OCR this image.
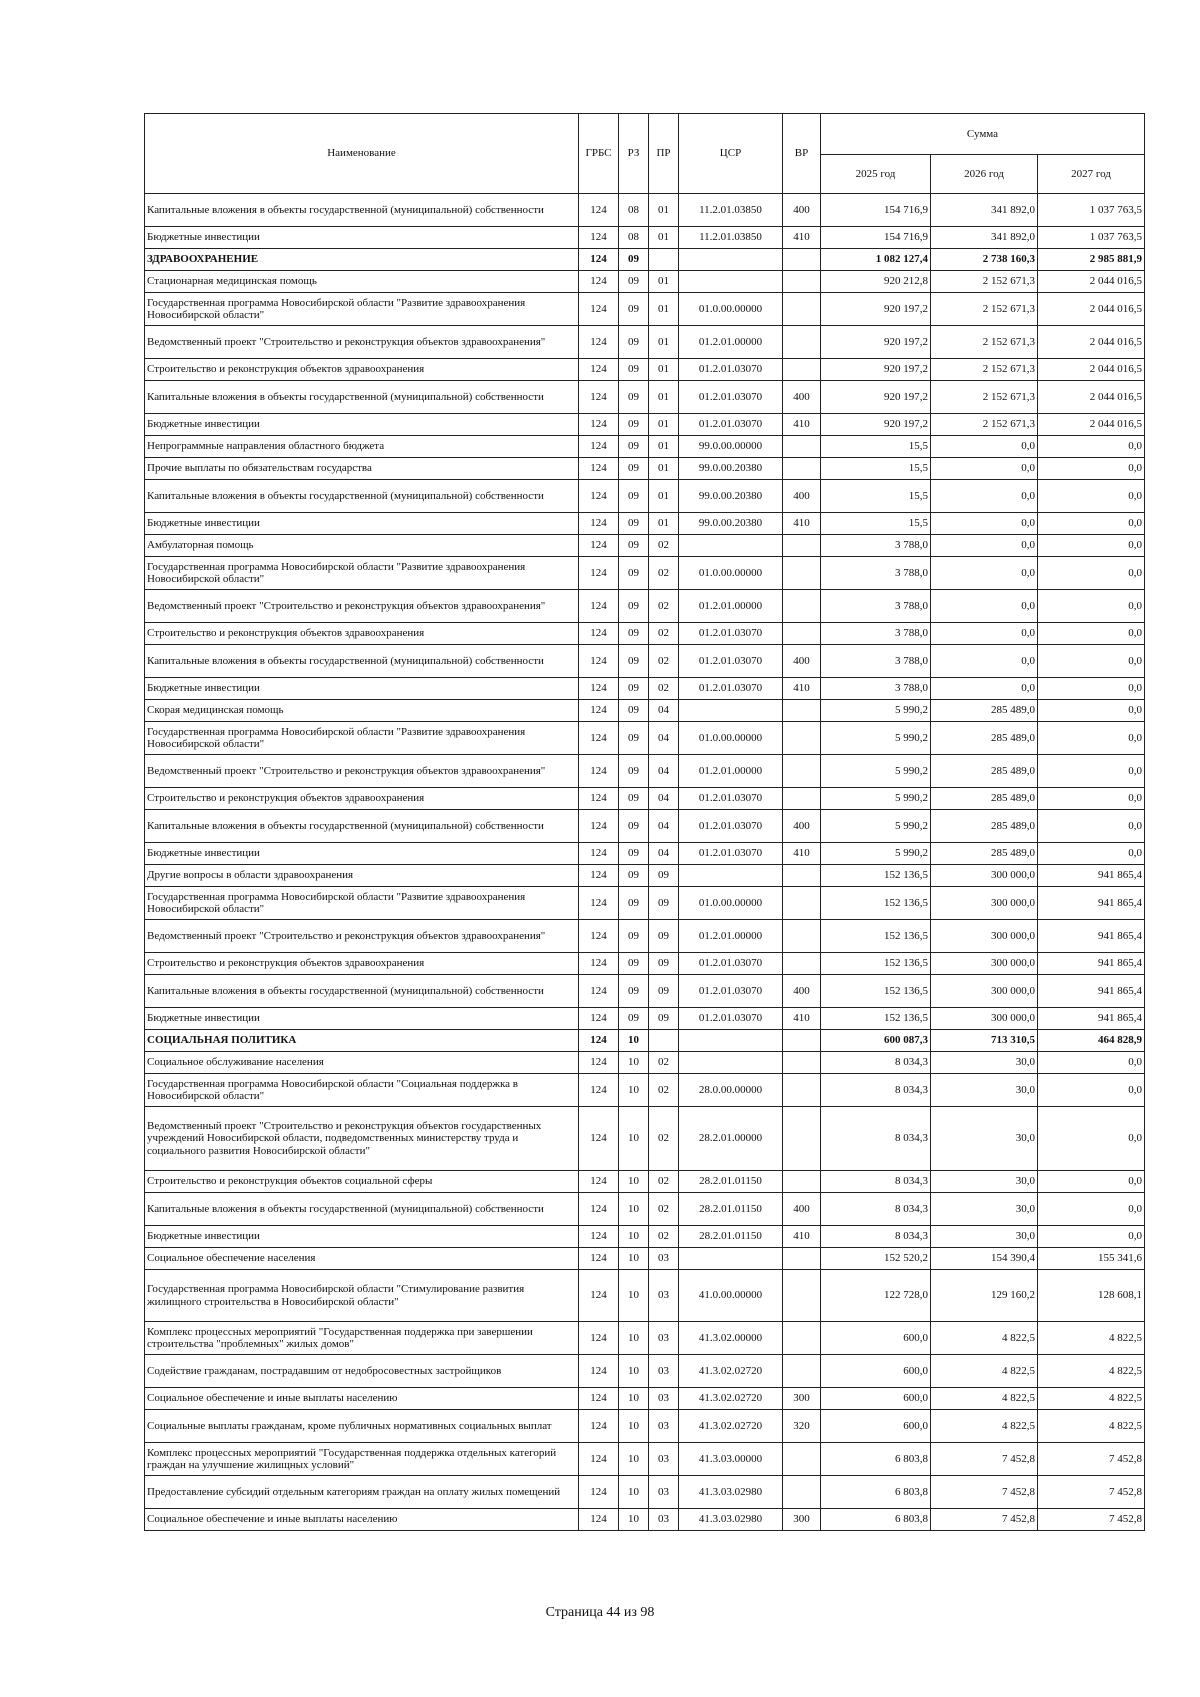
Наименование	ГРБС	РЗ	ПР	ЦСР	ВР	Сумма		
						2025 год	2026 год	2027 год
Капитальные вложения в объекты государственной (муниципальной) собственности	124	08	01	11.2.01.03850	400	154 716,9	341 892,0	1 037 763,5
Бюджетные инвестиции	124	08	01	11.2.01.03850	410	154 716,9	341 892,0	1 037 763,5
ЗДРАВООХРАНЕНИЕ	124	09				1 082 127,4	2 738 160,3	2 985 881,9
Стационарная медицинская помощь	124	09	01			920 212,8	2 152 671,3	2 044 016,5
Государственная программа Новосибирской области "Развитие здравоохранения Новосибирской области"	124	09	01	01.0.00.00000		920 197,2	2 152 671,3	2 044 016,5
Ведомственный проект "Строительство и реконструкция объектов здравоохранения"	124	09	01	01.2.01.00000		920 197,2	2 152 671,3	2 044 016,5
Строительство и реконструкция объектов здравоохранения	124	09	01	01.2.01.03070		920 197,2	2 152 671,3	2 044 016,5
Капитальные вложения в объекты государственной (муниципальной) собственности	124	09	01	01.2.01.03070	400	920 197,2	2 152 671,3	2 044 016,5
Бюджетные инвестиции	124	09	01	01.2.01.03070	410	920 197,2	2 152 671,3	2 044 016,5
Непрограммные направления областного бюджета	124	09	01	99.0.00.00000		15,5	0,0	0,0
Прочие выплаты по обязательствам государства	124	09	01	99.0.00.20380		15,5	0,0	0,0
Капитальные вложения в объекты государственной (муниципальной) собственности	124	09	01	99.0.00.20380	400	15,5	0,0	0,0
Бюджетные инвестиции	124	09	01	99.0.00.20380	410	15,5	0,0	0,0
Амбулаторная помощь	124	09	02			3 788,0	0,0	0,0
Государственная программа Новосибирской области "Развитие здравоохранения Новосибирской области"	124	09	02	01.0.00.00000		3 788,0	0,0	0,0
Ведомственный проект "Строительство и реконструкция объектов здравоохранения"	124	09	02	01.2.01.00000		3 788,0	0,0	0,0
Строительство и реконструкция объектов здравоохранения	124	09	02	01.2.01.03070		3 788,0	0,0	0,0
Капитальные вложения в объекты государственной (муниципальной) собственности	124	09	02	01.2.01.03070	400	3 788,0	0,0	0,0
Бюджетные инвестиции	124	09	02	01.2.01.03070	410	3 788,0	0,0	0,0
Скорая медицинская помощь	124	09	04			5 990,2	285 489,0	0,0
Государственная программа Новосибирской области "Развитие здравоохранения Новосибирской области"	124	09	04	01.0.00.00000		5 990,2	285 489,0	0,0
Ведомственный проект "Строительство и реконструкция объектов здравоохранения"	124	09	04	01.2.01.00000		5 990,2	285 489,0	0,0
Строительство и реконструкция объектов здравоохранения	124	09	04	01.2.01.03070		5 990,2	285 489,0	0,0
Капитальные вложения в объекты государственной (муниципальной) собственности	124	09	04	01.2.01.03070	400	5 990,2	285 489,0	0,0
Бюджетные инвестиции	124	09	04	01.2.01.03070	410	5 990,2	285 489,0	0,0
Другие вопросы в области здравоохранения	124	09	09			152 136,5	300 000,0	941 865,4
Государственная программа Новосибирской области "Развитие здравоохранения Новосибирской области"	124	09	09	01.0.00.00000		152 136,5	300 000,0	941 865,4
Ведомственный проект "Строительство и реконструкция объектов здравоохранения"	124	09	09	01.2.01.00000		152 136,5	300 000,0	941 865,4
Строительство и реконструкция объектов здравоохранения	124	09	09	01.2.01.03070		152 136,5	300 000,0	941 865,4
Капитальные вложения в объекты государственной (муниципальной) собственности	124	09	09	01.2.01.03070	400	152 136,5	300 000,0	941 865,4
Бюджетные инвестиции	124	09	09	01.2.01.03070	410	152 136,5	300 000,0	941 865,4
СОЦИАЛЬНАЯ ПОЛИТИКА	124	10				600 087,3	713 310,5	464 828,9
Социальное обслуживание населения	124	10	02			8 034,3	30,0	0,0
Государственная программа Новосибирской области "Социальная поддержка в Новосибирской области"	124	10	02	28.0.00.00000		8 034,3	30,0	0,0
Ведомственный проект "Строительство и реконструкция объектов государственных учреждений Новосибирской области, подведомственных министерству труда и социального развития Новосибирской области"	124	10	02	28.2.01.00000		8 034,3	30,0	0,0
Строительство и реконструкция объектов социальной сферы	124	10	02	28.2.01.01150		8 034,3	30,0	0,0
Капитальные вложения в объекты государственной (муниципальной) собственности	124	10	02	28.2.01.01150	400	8 034,3	30,0	0,0
Бюджетные инвестиции	124	10	02	28.2.01.01150	410	8 034,3	30,0	0,0
Социальное обеспечение населения	124	10	03			152 520,2	154 390,4	155 341,6
Государственная программа Новосибирской области "Стимулирование развития жилищного строительства в Новосибирской области"	124	10	03	41.0.00.00000		122 728,0	129 160,2	128 608,1
Комплекс процессных мероприятий "Государственная поддержка при завершении строительства "проблемных" жилых домов"	124	10	03	41.3.02.00000		600,0	4 822,5	4 822,5
Содействие гражданам, пострадавшим от недобросовестных застройщиков	124	10	03	41.3.02.02720		600,0	4 822,5	4 822,5
Социальное обеспечение и иные выплаты населению	124	10	03	41.3.02.02720	300	600,0	4 822,5	4 822,5
Социальные выплаты гражданам, кроме публичных нормативных социальных выплат	124	10	03	41.3.02.02720	320	600,0	4 822,5	4 822,5
Комплекс процессных мероприятий "Государственная поддержка отдельных категорий граждан на улучшение жилищных условий"	124	10	03	41.3.03.00000		6 803,8	7 452,8	7 452,8
Предоставление субсидий отдельным категориям граждан на оплату жилых помещений	124	10	03	41.3.03.02980		6 803,8	7 452,8	7 452,8
Социальное обеспечение и иные выплаты населению	124	10	03	41.3.03.02980	300	6 803,8	7 452,8	7 452,8
Страница 44 из 98
